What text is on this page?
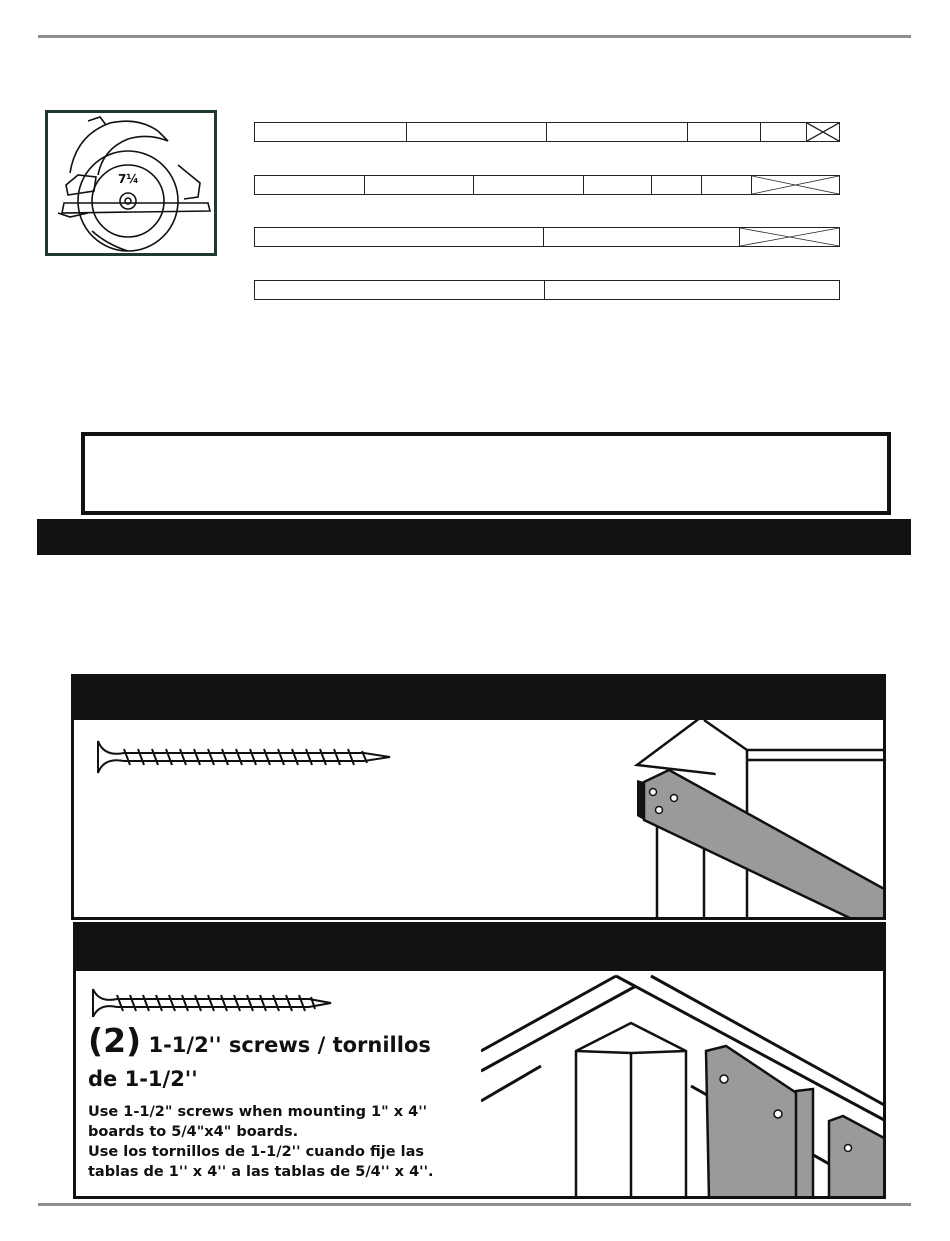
7¼
(2) 1-1/2'' screws / tornillos
de 1-1/2''
Use 1-1/2" screws when mounting 1" x 4'' boards to 5/4"x4" boards.
Use los tornillos de 1-1/2'' cuando fije las tablas de 1'' x 4'' a las tablas de 5/4'' x 4''.
